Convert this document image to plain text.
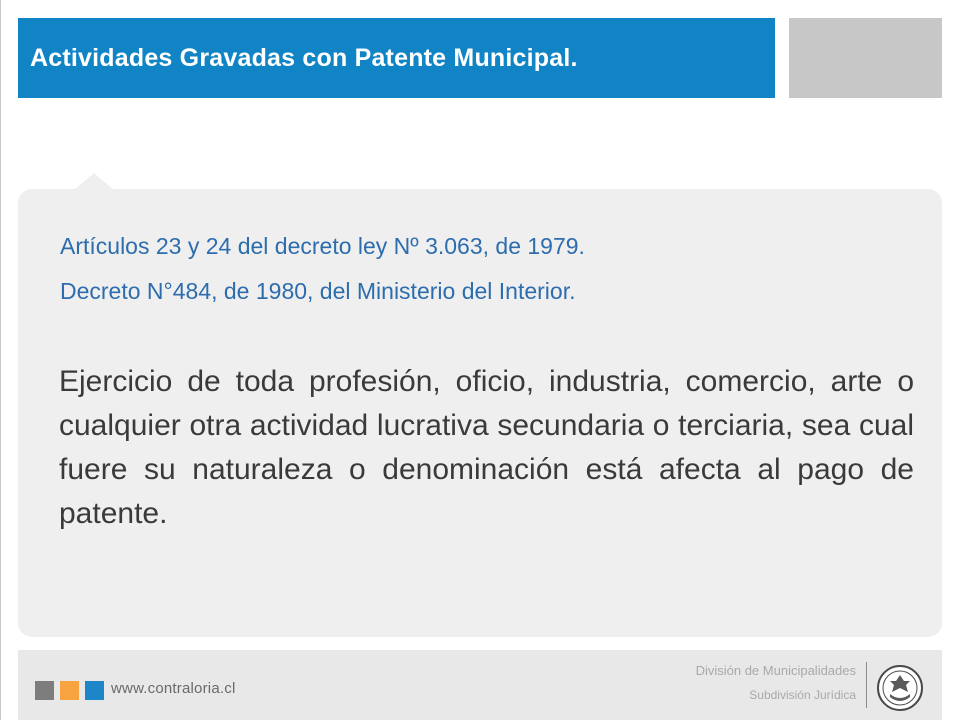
Actividades Gravadas con Patente Municipal.
Artículos 23 y 24 del decreto ley Nº 3.063, de 1979.
Decreto N°484, de 1980, del Ministerio del Interior.

Ejercicio de toda profesión, oficio, industria, comercio, arte o cualquier otra actividad lucrativa secundaria o terciaria, sea cual fuere su naturaleza o denominación está afecta al pago de patente.

www.contraloria.cl
División de Municipalidades
Subdivisión Jurídica
